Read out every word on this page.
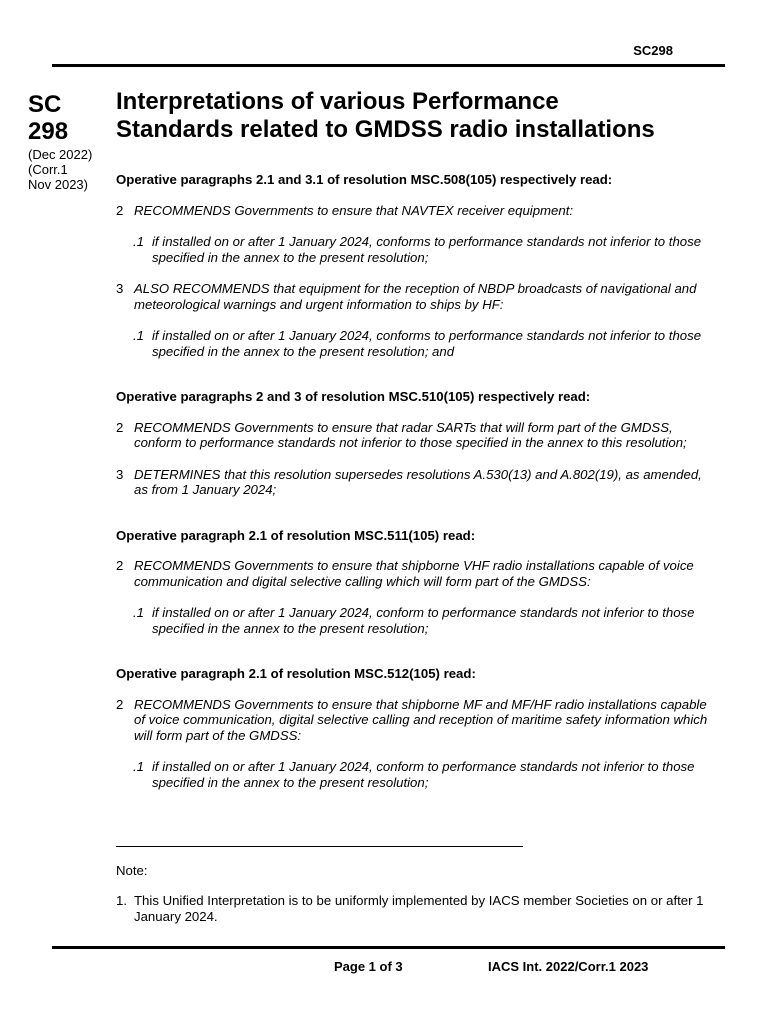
SC298
SC
298
(Dec 2022)
(Corr.1
Nov 2023)
Interpretations of various Performance
Standards related to GMDSS radio installations

Operative paragraphs 2.1 and 3.1 of resolution MSC.508(105) respectively read:

2 RECOMMENDS Governments to ensure that NAVTEX receiver equipment:
.1 if installed on or after 1 January 2024, conforms to performance standards not inferior to those specified in the annex to the present resolution;
3 ALSO RECOMMENDS that equipment for the reception of NBDP broadcasts of navigational and meteorological warnings and urgent information to ships by HF:
.1 if installed on or after 1 January 2024, conforms to performance standards not inferior to those specified in the annex to the present resolution; and

Operative paragraphs 2 and 3 of resolution MSC.510(105) respectively read:

2 RECOMMENDS Governments to ensure that radar SARTs that will form part of the GMDSS, conform to performance standards not inferior to those specified in the annex to this resolution;
3 DETERMINES that this resolution supersedes resolutions A.530(13) and A.802(19), as amended, as from 1 January 2024;

Operative paragraph 2.1 of resolution MSC.511(105) read:

2 RECOMMENDS Governments to ensure that shipborne VHF radio installations capable of voice communication and digital selective calling which will form part of the GMDSS:
.1 if installed on or after 1 January 2024, conform to performance standards not inferior to those specified in the annex to the present resolution;

Operative paragraph 2.1 of resolution MSC.512(105) read:

2 RECOMMENDS Governments to ensure that shipborne MF and MF/HF radio installations capable of voice communication, digital selective calling and reception of maritime safety information which will form part of the GMDSS:
.1 if installed on or after 1 January 2024, conform to performance standards not inferior to those specified in the annex to the present resolution;
Note:
1. This Unified Interpretation is to be uniformly implemented by IACS member Societies on or after 1 January 2024.
Page 1 of 3	IACS Int. 2022/Corr.1 2023
